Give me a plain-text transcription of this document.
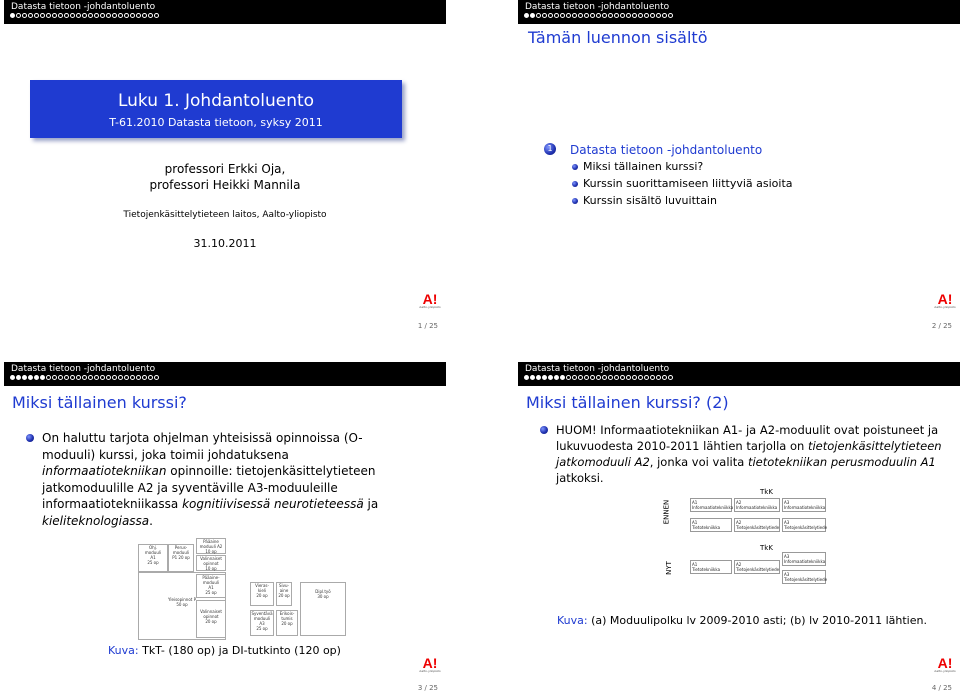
Datasta tietoon -johdantoluento
Luku 1. Johdantoluento
T-61.2010 Datasta tietoon, syksy 2011
professori Erkki Oja,
professori Heikki Mannila
Tietojenkäsittelytieteen laitos, Aalto-yliopisto
31.10.2011
A!
Aalto-yliopisto
1 / 25
Datasta tietoon -johdantoluento
Tämän luennon sisältö
1 Datasta tietoon -johdantoluento
Miksi tällainen kurssi?
Kurssin suorittamiseen liittyviä asioita
Kurssin sisältö luvuittain
A!
Aalto-yliopisto
2 / 25
Datasta tietoon -johdantoluento
Miksi tällainen kurssi?
On haluttu tarjota ohjelman yhteisissä opinnoissa (O-moduuli) kurssi, joka toimii johdatuksena informaatiotekniikan opinnoille: tietojenkäsittelytieteen jatkomoduulille A2 ja syventäville A3-moduuleille informaatiotekniikassa kognitiivisessä neurotieteessä ja kieliteknologiassa.
Ohj.
moduuli
A1
25 op
Perus-
moduuli
P1 20 op
Pääaine
moduuli A2
10 op
Valinnaiset
opinnot
10 op
Yleisopinnot P
50 op
Pääaine-
moduuli
A1
25 op
Valinnaiset
opinnot
20 op
Vieras-
kieli
20 op
Sivu-
aine
20 op
Syventävä
moduuli
A3
25 op
Erikois-
tumis
20 op
Dipl.työ
30 op
Kuva: TkT- (180 op) ja DI-tutkinto (120 op)
A!
Aalto-yliopisto
3 / 25
Datasta tietoon -johdantoluento
Miksi tällainen kurssi? (2)
HUOM! Informaatiotekniikan A1- ja A2-moduulit ovat poistuneet ja lukuvuodesta 2010-2011 lähtien tarjolla on tietojenkäsittelytieteen jatkomoduuli A2, jonka voi valita tietotekniikan perusmoduulin A1 jatkoksi.
TkK
ENNEN	A1
Informaatiotekniikka
A2
Informaatiotekniikka
A3
Informaatiotekniikka
A1
Tietotekniikka
A2
Tietojenkäsittelytiede
A3
Tietojenkäsittelytiede
TkK
NYT	A1
Tietotekniikka
A2
Tietojenkäsittelytiede
A3
Informaatiotekniikka
A3
Tietojenkäsittelytiede
Kuva: (a) Moduulipolku lv 2009-2010 asti; (b) lv 2010-2011 lähtien.
A!
Aalto-yliopisto
4 / 25
